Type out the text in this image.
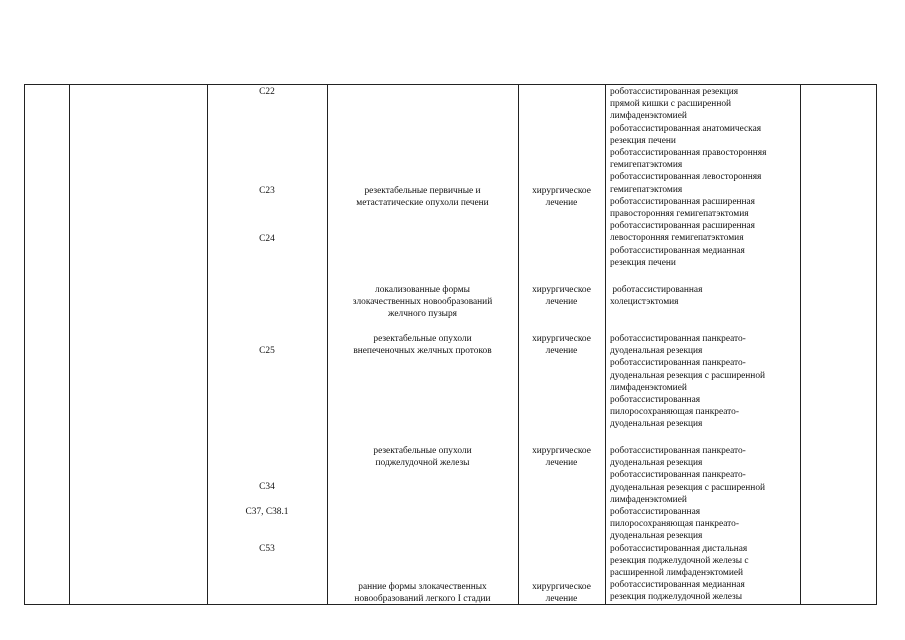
C22
C23
C24
C25
C34
C37, C38.1
C53
роботассистированная резекция
прямой кишки с расширенной
лимфаденэктомией
роботассистированная анатомическая
резекция печени
роботассистированная правосторонняя
гемигепатэктомия
роботассистированная левосторонняя
гемигепатэктомия
роботассистированная расширенная
правосторонняя гемигепатэктомия
роботассистированная расширенная
левосторонняя гемигепатэктомия
роботассистированная медианная
резекция печени
резектабельные первичные и
метастатические опухоли печени
хирургическое
лечение
локализованные формы
злокачественных новообразований
желчного пузыря
хирургическое
лечение
роботассистированная
холецистэктомия
резектабельные опухоли
внепеченочных желчных протоков
хирургическое
лечение
роботассистированная панкреато-
дуоденальная резекция
роботассистированная панкреато-
дуоденальная резекция с расширенной
лимфаденэктомией
роботассистированная
пилоросохраняющая панкреато-
дуоденальная резекция
резектабельные опухоли
поджелудочной железы
хирургическое
лечение
роботассистированная панкреато-
дуоденальная резекция
роботассистированная панкреато-
дуоденальная резекция с расширенной
лимфаденэктомией
роботассистированная
пилоросохраняющая панкреато-
дуоденальная резекция
роботассистированная дистальная
резекция поджелудочной железы с
расширенной лимфаденэктомией
роботассистированная медианная
резекция поджелудочной железы
ранние формы злокачественных
новообразований легкого I стадии
хирургическое
лечение
